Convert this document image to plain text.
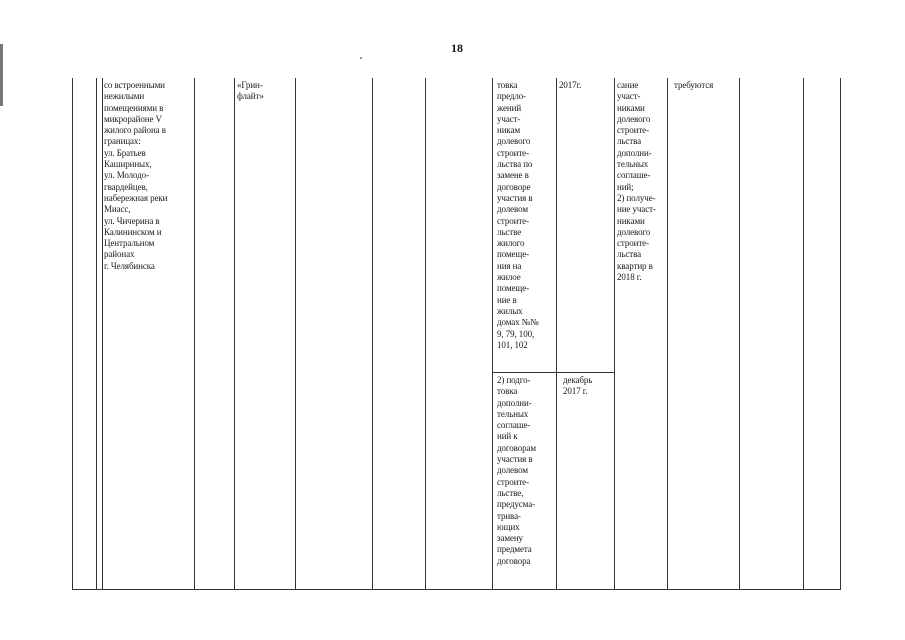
18
со встроенными
нежилыми
помещениями в
микрорайоне V
жилого района в
границах:
ул. Братьев
Кашириных,
ул. Молодо-
гвардейцев,
набережная реки
Миасс,
ул. Чичерина в
Калининском и
Центральном
районах
г. Челябинска
«Грин-
флайт»
товка
предло-
жений
участ-
никам
долевого
строите-
льства по
замене в
договоре
участия в
долевом
строите-
льстве
жилого
помеще-
ния на
жилое
помеще-
ние в
жилых
домах №№
9, 79, 100,
101, 102
2017г.
2) подго-
товка
дополни-
тельных
соглаше-
ний к
договорам
участия в
долевом
строите-
льстве,
предусма-
трива-
ющих
замену
предмета
договора
декабрь
2017 г.
сание
участ-
никами
долевого
строите-
льства
дополни-
тельных
соглаше-
ний;
2) получе-
ние участ-
никами
долевого
строите-
льства
квартир в
2018 г.
требуются
